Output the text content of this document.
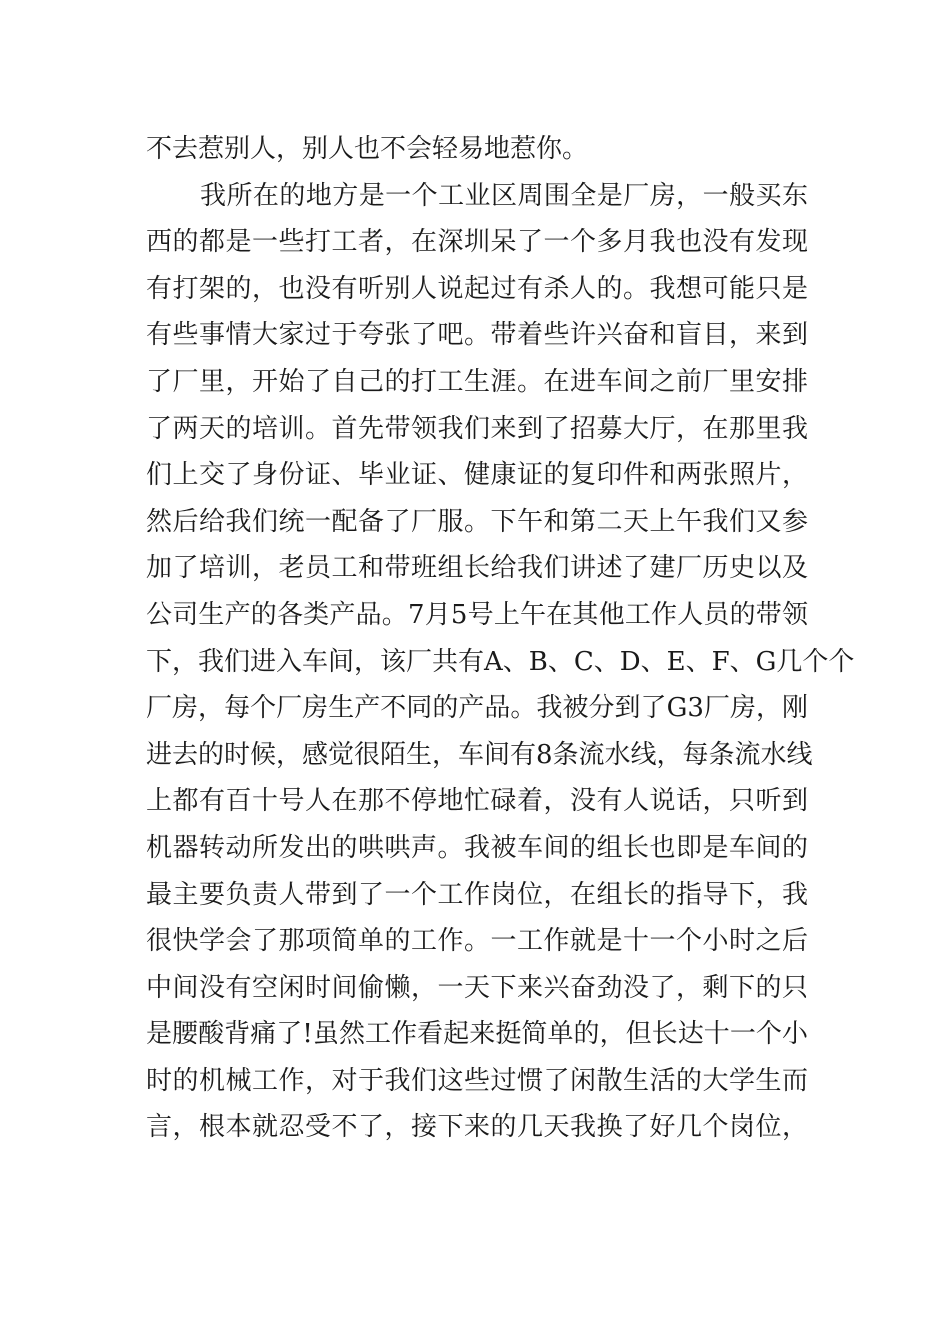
不去惹别人，别人也不会轻易地惹你。
我所在的地方是一个工业区周围全是厂房，一般买东
西的都是一些打工者，在深圳呆了一个多月我也没有发现
有打架的，也没有听别人说起过有杀人的。我想可能只是
有些事情大家过于夸张了吧。带着些许兴奋和盲目，来到
了厂里，开始了自己的打工生涯。在进车间之前厂里安排
了两天的培训。首先带领我们来到了招募大厅，在那里我
们上交了身份证、毕业证、健康证的复印件和两张照片，
然后给我们统一配备了厂服。下午和第二天上午我们又参
加了培训，老员工和带班组长给我们讲述了建厂历史以及
公司生产的各类产品。7月5号上午在其他工作人员的带领
下，我们进入车间，该厂共有A、B、C、D、E、F、G几个个
厂房，每个厂房生产不同的产品。我被分到了G3厂房，刚
进去的时候，感觉很陌生，车间有8条流水线，每条流水线
上都有百十号人在那不停地忙碌着，没有人说话，只听到
机器转动所发出的哄哄声。我被车间的组长也即是车间的
最主要负责人带到了一个工作岗位，在组长的指导下，我
很快学会了那项简单的工作。一工作就是十一个小时之后
中间没有空闲时间偷懒，一天下来兴奋劲没了，剩下的只
是腰酸背痛了!虽然工作看起来挺简单的，但长达十一个小
时的机械工作，对于我们这些过惯了闲散生活的大学生而
言，根本就忍受不了，接下来的几天我换了好几个岗位，
